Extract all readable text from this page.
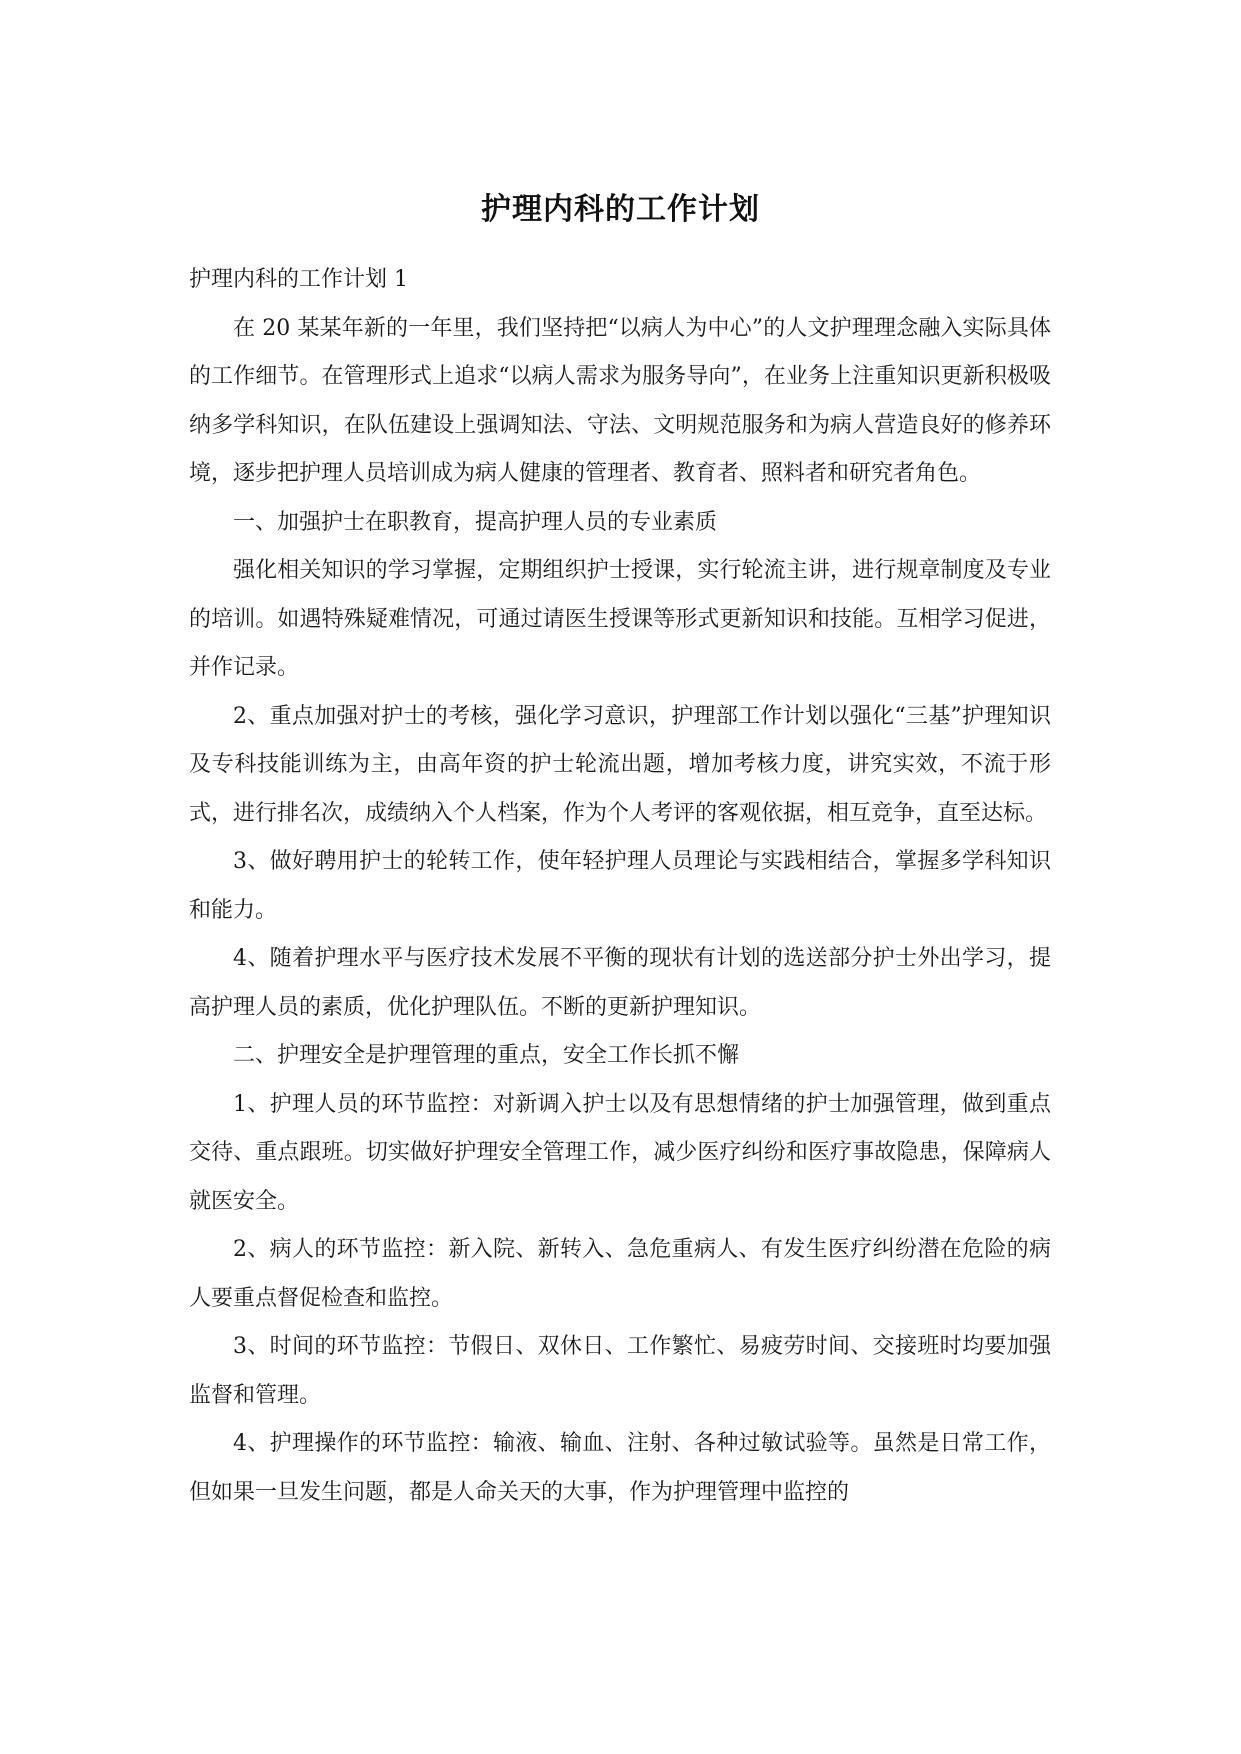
护理内科的工作计划

护理内科的工作计划 1

在 20 某某年新的一年里，我们坚持把“以病人为中心”的人文护理理念融入实际具体的工作细节。在管理形式上追求“以病人需求为服务导向”，在业务上注重知识更新积极吸纳多学科知识，在队伍建设上强调知法、守法、文明规范服务和为病人营造良好的修养环境，逐步把护理人员培训成为病人健康的管理者、教育者、照料者和研究者角色。

一、加强护士在职教育，提高护理人员的专业素质

强化相关知识的学习掌握，定期组织护士授课，实行轮流主讲，进行规章制度及专业的培训。如遇特殊疑难情况，可通过请医生授课等形式更新知识和技能。互相学习促进，并作记录。

2、重点加强对护士的考核，强化学习意识，护理部工作计划以强化“三基”护理知识及专科技能训练为主，由高年资的护士轮流出题，增加考核力度，讲究实效，不流于形式，进行排名次，成绩纳入个人档案，作为个人考评的客观依据，相互竞争，直至达标。

3、做好聘用护士的轮转工作，使年轻护理人员理论与实践相结合，掌握多学科知识和能力。

4、随着护理水平与医疗技术发展不平衡的现状有计划的选送部分护士外出学习，提高护理人员的素质，优化护理队伍。不断的更新护理知识。

二、护理安全是护理管理的重点，安全工作长抓不懈

1、护理人员的环节监控：对新调入护士以及有思想情绪的护士加强管理，做到重点交待、重点跟班。切实做好护理安全管理工作，减少医疗纠纷和医疗事故隐患，保障病人就医安全。

2、病人的环节监控：新入院、新转入、急危重病人、有发生医疗纠纷潜在危险的病人要重点督促检查和监控。

3、时间的环节监控：节假日、双休日、工作繁忙、易疲劳时间、交接班时均要加强监督和管理。

4、护理操作的环节监控：输液、输血、注射、各种过敏试验等。虽然是日常工作，但如果一旦发生问题，都是人命关天的大事，作为护理管理中监控的
